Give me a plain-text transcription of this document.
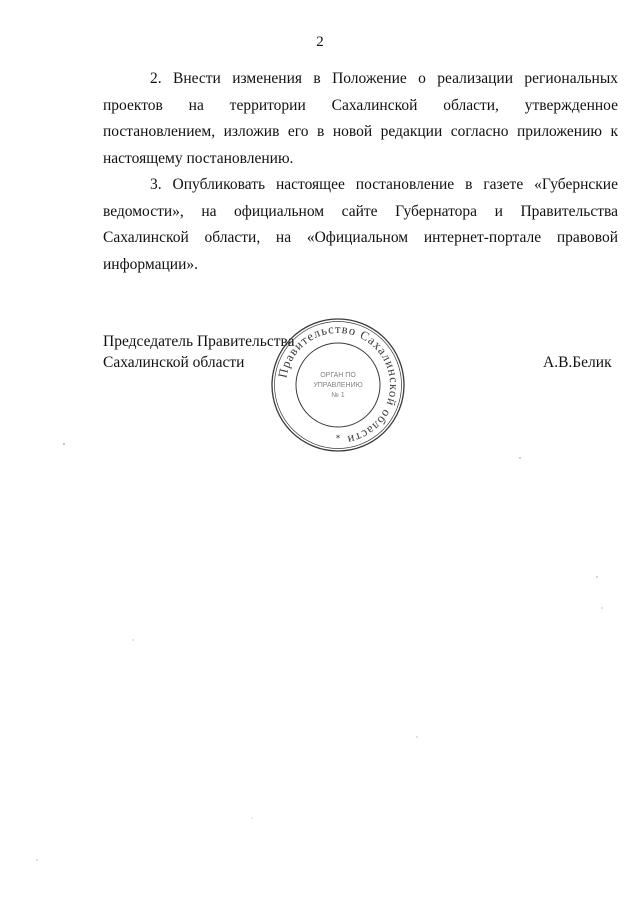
2

2. Внести изменения в Положение о реализации региональных проектов на территории Сахалинской области, утвержденное постановлением, изложив его в новой редакции согласно приложению к настоящему постановлению.

3. Опубликовать настоящее постановление в газете «Губернские ведомости», на официальном сайте Губернатора и Правительства Сахалинской области, на «Официальном интернет-портале правовой информации».

Председатель Правительства
Сахалинской области	А.В.Белик
Правительство Сахалинской области
ОРГАН ПО
УПРАВЛЕНИЮ
№ 1
*
